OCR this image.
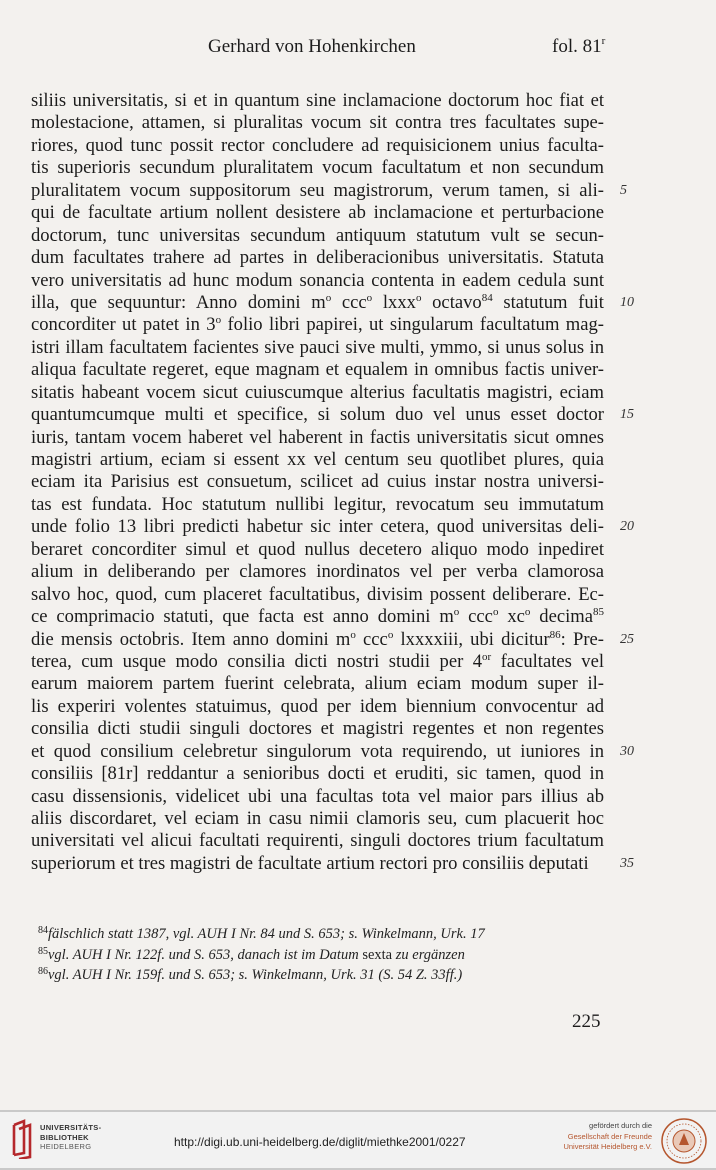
Gerhard von Hohenkirchen	fol. 81$^r$
siliis universitatis, si et in quantum sine inclamacione doctorum hoc fiat et
molestacione, attamen, si pluralitas vocum sit contra tres facultates supe-
riores, quod tunc possit rector concludere ad requisicionem unius faculta-
tis superioris secundum pluralitatem vocum facultatum et non secundum
pluralitatem vocum suppositorum seu magistrorum, verum tamen, si ali- 5
qui de facultate artium nollent desistere ab inclamacione et perturbacione
doctorum, tunc universitas secundum antiquum statutum vult se secun-
dum facultates trahere ad partes in deliberacionibus universitatis. Statuta
vero universitatis ad hunc modum sonancia contenta in eadem cedula sunt
illa, que sequuntur: Anno domini $m^o$ ccc$^o$ lxxx$^o$ octavo$^{84}$ statutum fuit 10
concorditer ut patet in 3$^o$ folio libri papirei, ut singularum facultatum mag-
istri illam facultatem facientes sive pauci sive multi, ymmo, si unus solus in
aliqua facultate regeret, eque magnam et equalem in omnibus factis univer-
sitatis habeant vocem sicut cuiuscumque alterius facultatis magistri, eciam
quantumcumque multi et specifice, si solum duo vel unus esset doctor 15
iuris, tantam vocem haberet vel haberent in factis universitatis sicut omnes
magistri artium, eciam si essent xx vel centum seu quotlibet plures, quia
eciam ita Parisius est consuetum, scilicet ad cuius instar nostra universi-
tas est fundata. Hoc statutum nullibi legitur, revocatum seu immutatum
unde folio 13 libri predicti habetur sic inter cetera, quod universitas deli- 20
beraret concorditer simul et quod nullus decetero aliquo modo inpediret
alium in deliberando per clamores inordinatos vel per verba clamorosa
salvo hoc, quod, cum placeret facultatibus, divisim possent deliberare. Ec-
ce comprimacio statuti, que facta est anno domini $m^o$ ccc$^o$ $xc^o$ decima$^{85}$
die mensis octobris. Item anno domini $m^o$ ccc$^o$ lxxxxiii, ubi dicitur$^{86}$: Pre- 25
terea, cum usque modo consilia dicti nostri studii per $4^{or}$ facultates vel
earum maiorem partem fuerint celebrata, alium eciam modum super il-
lis experiri volentes statuimus, quod per idem biennium convocentur ad
consilia dicti studii singuli doctores et magistri regentes et non regentes
et quod consilium celebretur singulorum vota requirendo, ut iuniores in 30
consiliis [81r] reddantur a senioribus docti et eruditi, sic tamen, quod in
casu dissensionis, videlicet ubi una facultas tota vel maior pars illius ab
aliis discordaret, vel eciam in casu nimii clamoris seu, cum placuerit hoc
universitati vel alicui facultati requirenti, singuli doctores trium facultatum
superiorum et tres magistri de facultate artium rectori pro consiliis deputati 35
$^{84}$fälschlich statt 1387, vgl. AUH I Nr. 84 und S. 653; s. Winkelmann, Urk. 17
$^{85}$vgl. AUH I Nr. 122f. und S. 653, danach ist im Datum sexta zu ergänzen
$^{86}$vgl. AUH I Nr. 159f. und S. 653; s. Winkelmann, Urk. 31 (S. 54 Z. 33ff.)
225
UNIVERSITÄTS-
BIBLIOTHEK
HEIDELBERG	http://digi.ub.uni-heidelberg.de/diglit/miethke2001/0227
gefördert durch die
Gesellschaft der Freunde
Universität Heidelberg e.V.
